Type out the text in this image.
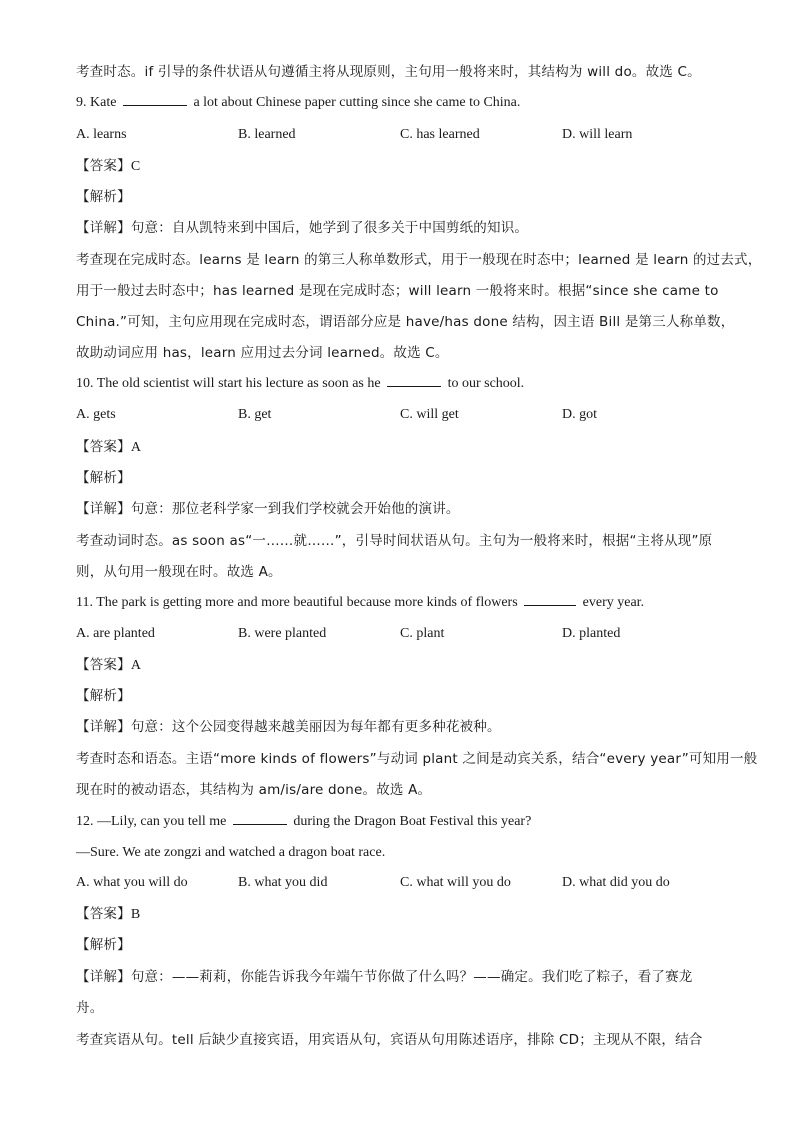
考查时态。if 引导的条件状语从句遵循主将从现原则，主句用一般将来时，其结构为 will do。故选 C。
9. Kate	a lot about Chinese paper cutting since she came to China.
A. learns	B. learned	C. has learned	D. will learn
【答案】C
【解析】
【详解】句意：自从凯特来到中国后，她学到了很多关于中国剪纸的知识。
考查现在完成时态。learns 是 learn 的第三人称单数形式，用于一般现在时态中；learned 是 learn 的过去式，
用于一般过去时态中；has learned 是现在完成时态；will learn 一般将来时。根据“since she came to
China.”可知，主句应用现在完成时态，谓语部分应是 have/has done 结构，因主语 Bill 是第三人称单数，
故助动词应用 has，learn 应用过去分词 learned。故选 C。
10. The old scientist will start his lecture as soon as he	to our school.
A. gets	B. get	C. will get	D. got
【答案】A
【解析】
【详解】句意：那位老科学家一到我们学校就会开始他的演讲。
考查动词时态。as soon as“一……就……”，引导时间状语从句。主句为一般将来时，根据“主将从现”原
则，从句用一般现在时。故选 A。
11. The park is getting more and more beautiful because more kinds of flowers	every year.
A. are planted	B. were planted	C. plant	D. planted
【答案】A
【解析】
【详解】句意：这个公园变得越来越美丽因为每年都有更多种花被种。
考查时态和语态。主语“more kinds of flowers”与动词 plant 之间是动宾关系，结合“every year”可知用一般
现在时的被动语态，其结构为 am/is/are done。故选 A。
12. —Lily, can you tell me	during the Dragon Boat Festival this year?
—Sure. We ate zongzi and watched a dragon boat race.
A. what you will do	B. what you did	C. what will you do	D. what did you do
【答案】B
【解析】
【详解】句意：——莉莉，你能告诉我今年端午节你做了什么吗？——确定。我们吃了粽子，看了赛龙
舟。
考查宾语从句。tell 后缺少直接宾语，用宾语从句，宾语从句用陈述语序，排除 CD；主现从不限，结合
